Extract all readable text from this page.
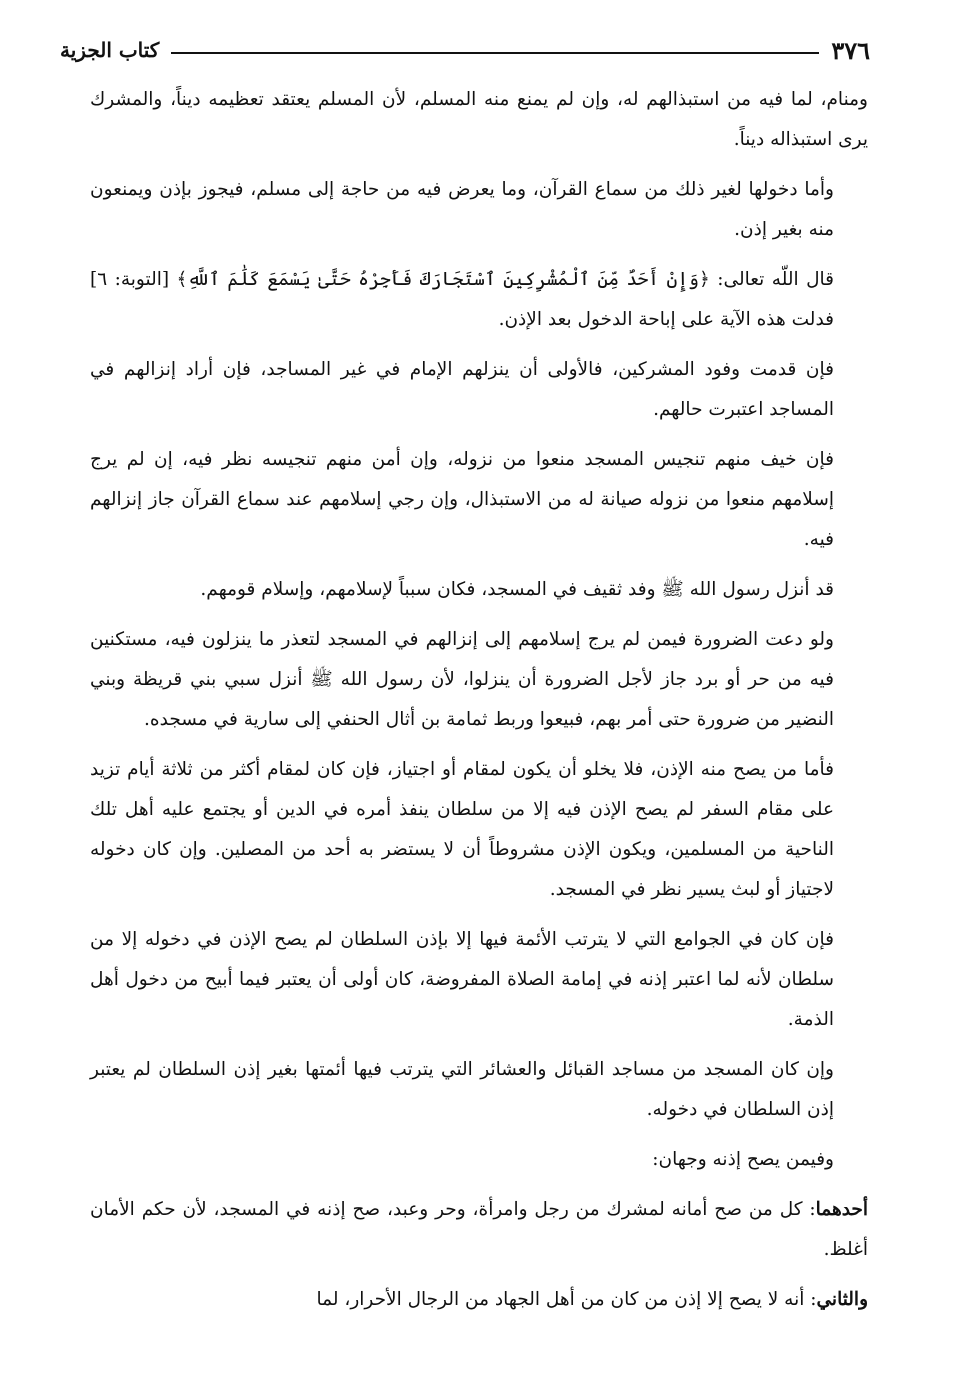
٣٧٦
كتاب الجزية

ومنام، لما فيه من استبذالهم له، وإن لم يمنع منه المسلم، لأن المسلم يعتقد تعظيمه ديناً، والمشرك يرى استبذاله ديناً.

وأما دخولها لغير ذلك من سماع القرآن، وما يعرض فيه من حاجة إلى مسلم، فيجوز بإذن ويمنعون منه بغير إذن.

قال اللّه تعالى: ﴿وَإِنْ أَحَدٌ مِّنَ ٱلْمُشْرِكِينَ ٱسْتَجَارَكَ فَأَجِرْهُ حَتَّىٰ يَسْمَعَ كَلَٰمَ ٱللَّهِ﴾ [التوبة: ٦] فدلت هذه الآية على إباحة الدخول بعد الإذن.

فإن قدمت وفود المشركين، فالأولى أن ينزلهم الإمام في غير المساجد، فإن أراد إنزالهم في المساجد اعتبرت حالهم.

فإن خيف منهم تنجيس المسجد منعوا من نزوله، وإن أمن منهم تنجيسه نظر فيه، إن لم يرج إسلامهم منعوا من نزوله صيانة له من الاستبذال، وإن رجي إسلامهم عند سماع القرآن جاز إنزالهم فيه.

قد أنزل رسول الله ﷺ وفد ثقيف في المسجد، فكان سبباً لإسلامهم، وإسلام قومهم.

ولو دعت الضرورة فيمن لم يرج إسلامهم إلى إنزالهم في المسجد لتعذر ما ينزلون فيه، مستكنين فيه من حر أو برد جاز لأجل الضرورة أن ينزلوا، لأن رسول الله ﷺ أنزل سبي بني قريظة وبني النضير من ضرورة حتى أمر بهم، فبيعوا وربط ثمامة بن أثال الحنفي إلى سارية في مسجده.

فأما من يصح منه الإذن، فلا يخلو أن يكون لمقام أو اجتياز، فإن كان لمقام أكثر من ثلاثة أيام تزيد على مقام السفر لم يصح الإذن فيه إلا من سلطان ينفذ أمره في الدين أو يجتمع عليه أهل تلك الناحية من المسلمين، ويكون الإذن مشروطاً أن لا يستضر به أحد من المصلين. وإن كان دخوله لاجتياز أو لبث يسير نظر في المسجد.

فإن كان في الجوامع التي لا يترتب الأئمة فيها إلا بإذن السلطان لم يصح الإذن في دخوله إلا من سلطان لأنه لما اعتبر إذنه في إمامة الصلاة المفروضة، كان أولى أن يعتبر فيما أبيح من دخول أهل الذمة.

وإن كان المسجد من مساجد القبائل والعشائر التي يترتب فيها أئمتها بغير إذن السلطان لم يعتبر إذن السلطان في دخوله.

وفيمن يصح إذنه وجهان:

أحدهما: كل من صح أمانه لمشرك من رجل وامرأة، وحر وعبد، صح إذنه في المسجد، لأن حكم الأمان أغلظ.

والثاني: أنه لا يصح إلا إذن من كان من أهل الجهاد من الرجال الأحرار، لما
